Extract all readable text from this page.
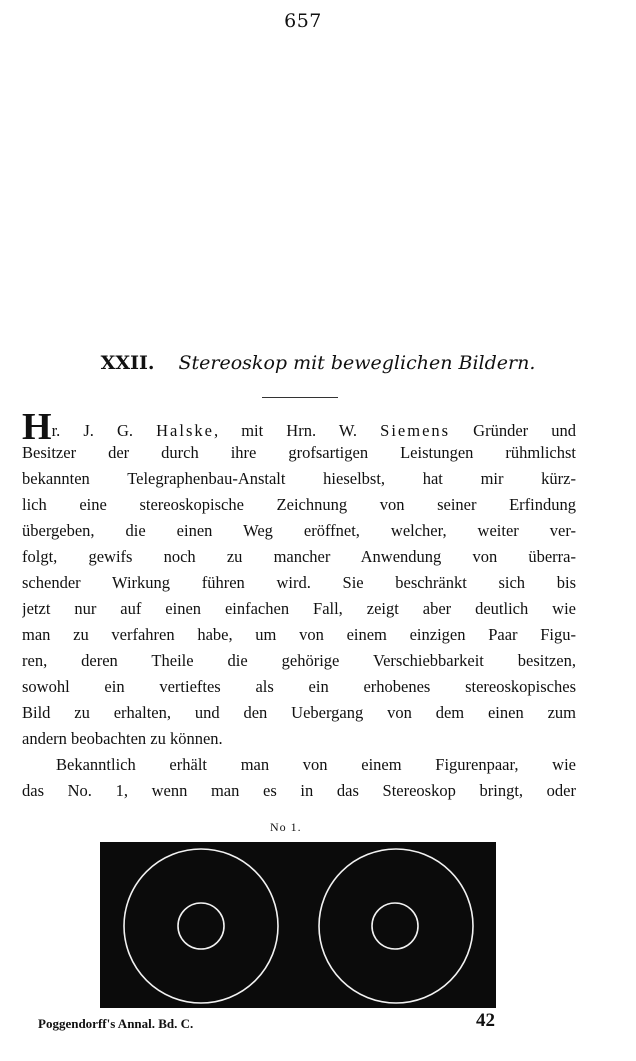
657
XXII. Stereoskop mit beweglichen Bildern.
Hr. J. G. Halske, mit Hrn. W. Siemens Gründer und
Besitzer der durch ihre grofsartigen Leistungen rühmlichst
bekannten Telegraphenbau-Anstalt hieselbst, hat mir kürz-
lich eine stereoskopische Zeichnung von seiner Erfindung
übergeben, die einen Weg eröffnet, welcher, weiter ver-
folgt, gewifs noch zu mancher Anwendung von überra-
schender Wirkung führen wird. Sie beschränkt sich bis
jetzt nur auf einen einfachen Fall, zeigt aber deutlich wie
man zu verfahren habe, um von einem einzigen Paar Figu-
ren, deren Theile die gehörige Verschiebbarkeit besitzen,
sowohl ein vertieftes als ein erhobenes stereoskopisches
Bild zu erhalten, und den Uebergang von dem einen zum
andern beobachten zu können.
Bekanntlich erhält man von einem Figurenpaar, wie
das No. 1, wenn man es in das Stereoskop bringt, oder
No 1.
Poggendorff's Annal. Bd. C.	42
